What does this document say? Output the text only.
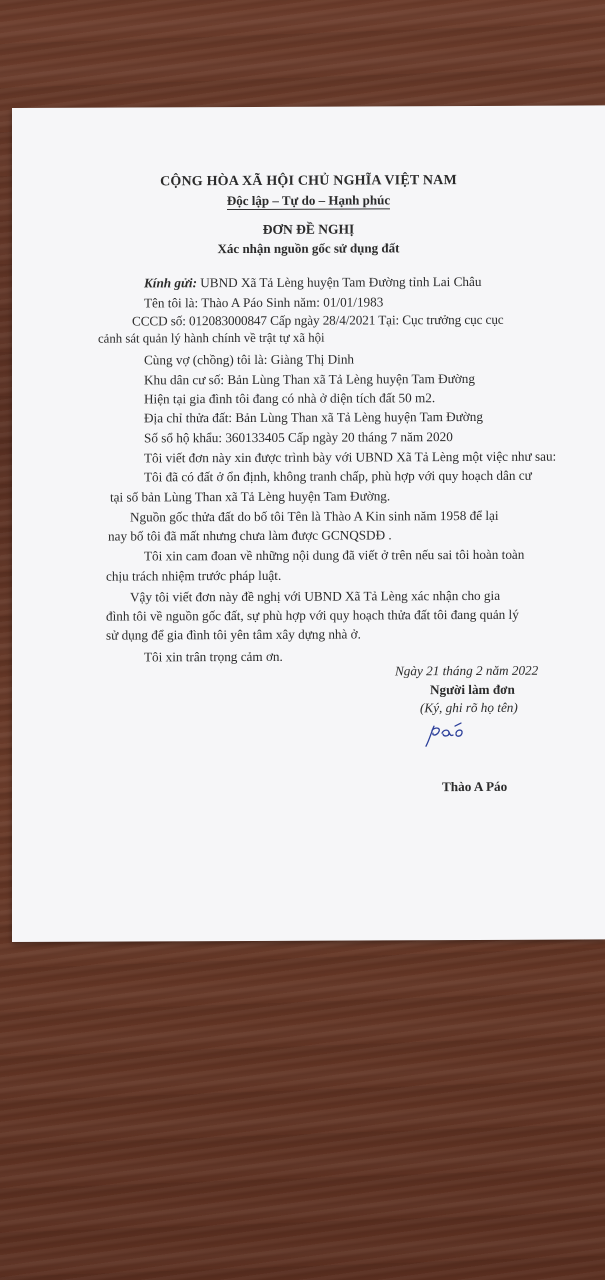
CỘNG HÒA XÃ HỘI CHỦ NGHĨA VIỆT NAM
Độc lập – Tự do – Hạnh phúc
ĐƠN ĐỀ NGHỊ
Xác nhận nguồn gốc sử dụng đất
Kính gửi: UBND Xã Tả Lèng huyện Tam Đường tỉnh Lai Châu
Tên tôi là: Thào A Páo Sinh năm: 01/01/1983
CCCD số: 012083000847 Cấp ngày 28/4/2021 Tại: Cục trưởng cục cục
cảnh sát quản lý hành chính về trật tự xã hội
Cùng vợ (chồng) tôi là: Giàng Thị Dinh
Khu dân cư số: Bản Lùng Than xã Tả Lèng huyện Tam Đường
Hiện tại gia đình tôi đang có nhà ở diện tích đất 50 m2.
Địa chỉ thửa đất: Bản Lùng Than xã Tả Lèng huyện Tam Đường
Số sổ hộ khẩu: 360133405 Cấp ngày 20 tháng 7 năm 2020
Tôi viết đơn này xin được trình bày với UBND Xã Tả Lèng một việc như sau:
Tôi đã có đất ở ổn định, không tranh chấp, phù hợp với quy hoạch dân cư
tại số bản Lùng Than xã Tả Lèng huyện Tam Đường.
Nguồn gốc thửa đất do bố tôi Tên là Thào A Kin sinh năm 1958 để lại
nay bố tôi đã mất nhưng chưa làm được GCNQSDĐ .
Tôi xin cam đoan về những nội dung đã viết ở trên nếu sai tôi hoàn toàn
chịu trách nhiệm trước pháp luật.
Vậy tôi viết đơn này đề nghị với UBND Xã Tả Lèng xác nhận cho gia
đình tôi về nguồn gốc đất, sự phù hợp với quy hoạch thửa đất tôi đang quản lý
sử dụng để gia đình tôi yên tâm xây dựng nhà ở.
Tôi xin trân trọng cảm ơn.
Ngày 21 tháng 2 năm 2022
Người làm đơn
(Ký, ghi rõ họ tên)
Thào A Páo
